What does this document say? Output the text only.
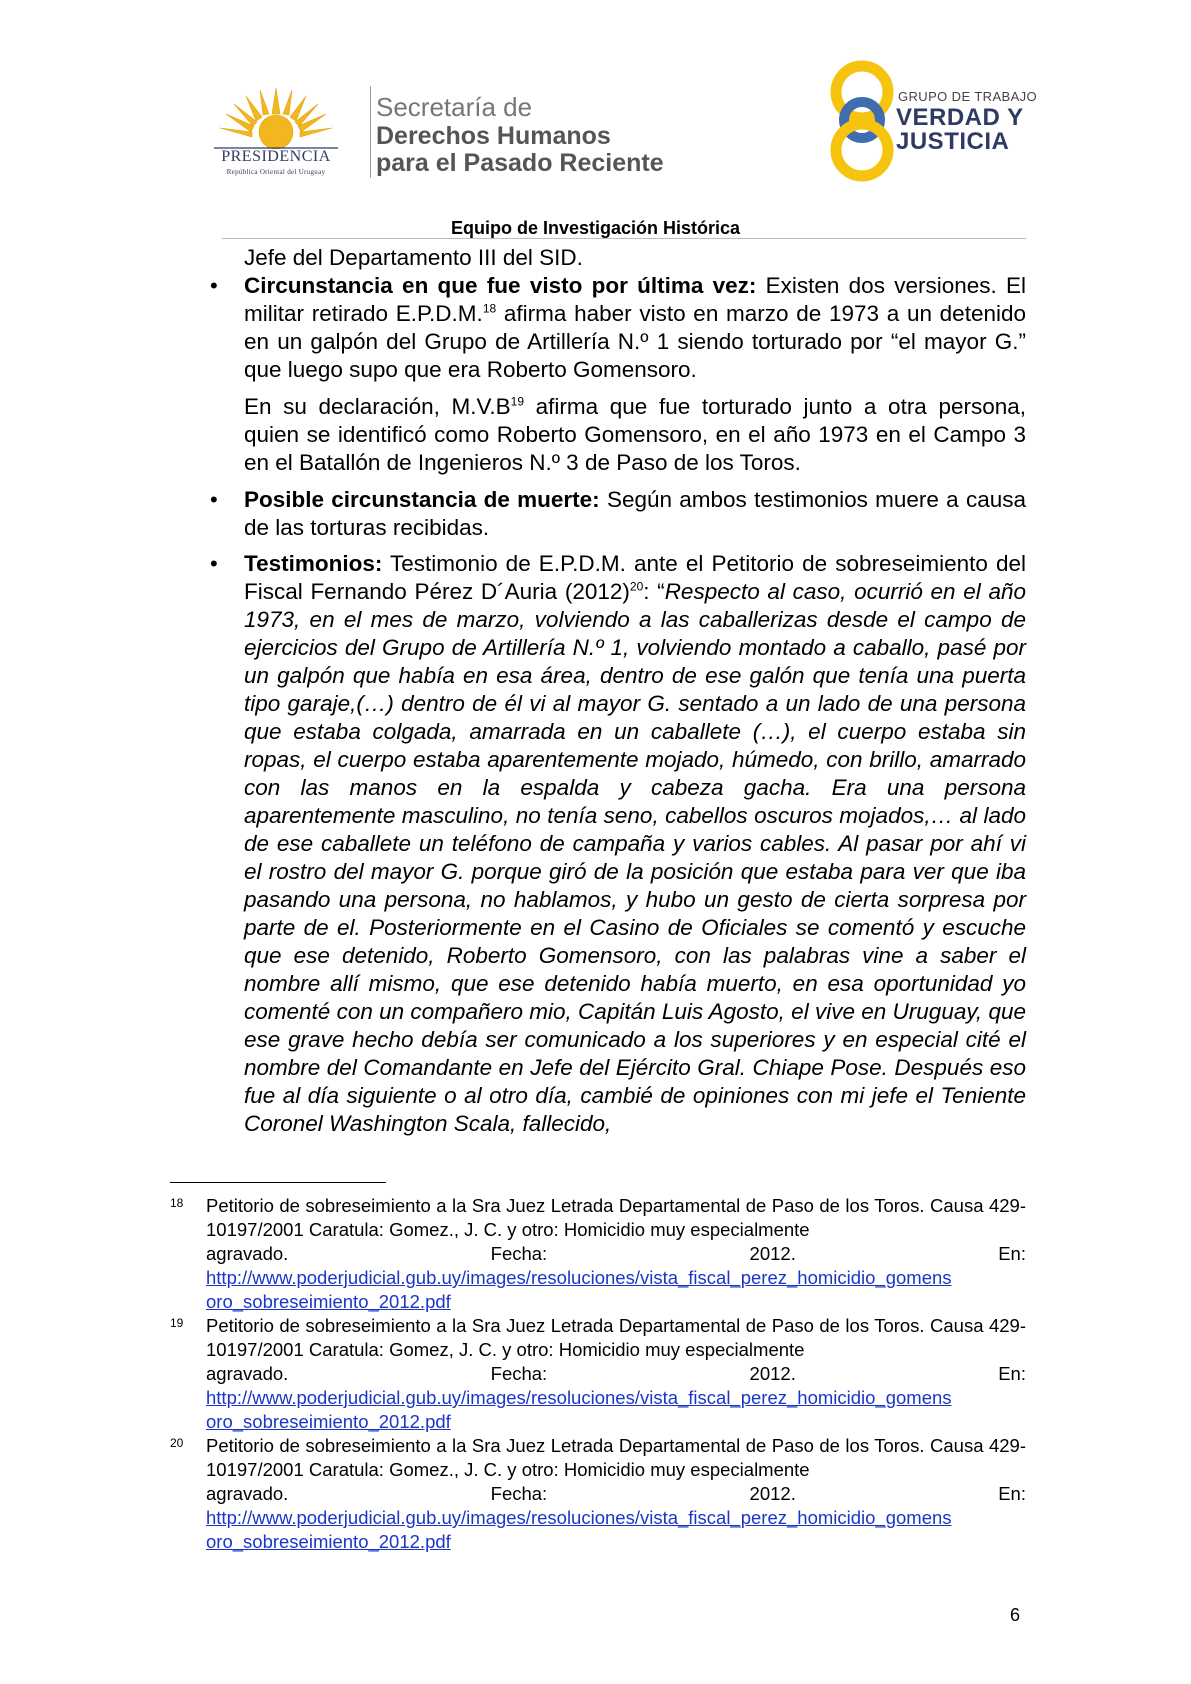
PRESIDENCIA
República Oriental del Uruguay
Secretaría de
Derechos Humanos
para el Pasado Reciente
GRUPO DE TRABAJO
VERDAD Y
JUSTICIA
Equipo de Investigación Histórica
Jefe del Departamento III del SID.
• Circunstancia en que fue visto por última vez: Existen dos versiones. El militar retirado E.P.D.M.$^{18}$ afirma haber visto en marzo de 1973 a un detenido en un galpón del Grupo de Artillería N.º 1 siendo torturado por “el mayor G.” que luego supo que era Roberto Gomensoro.
En su declaración, $M.V.B^{19}$ afirma que fue torturado junto a otra persona, quien se identificó como Roberto Gomensoro, en el año 1973 en el Campo 3 en el Batallón de Ingenieros N.º 3 de Paso de los Toros.
• Posible circunstancia de muerte: Según ambos testimonios muere a causa de las torturas recibidas.
• Testimonios: Testimonio de E.P.D.M. ante el Petitorio de sobreseimiento del Fiscal Fernando Pérez D´Auria $(2012)^{20}$: “Respecto al caso, ocurrió en el año 1973, en el mes de marzo, volviendo a las caballerizas desde el campo de ejercicios del Grupo de Artillería N.º 1, volviendo montado a caballo, pasé por un galpón que había en esa área, dentro de ese galón que tenía una puerta tipo garaje,(…) dentro de él vi al mayor G. sentado a un lado de una persona que estaba colgada, amarrada en un caballete (…), el cuerpo estaba sin ropas, el cuerpo estaba aparentemente mojado, húmedo, con brillo, amarrado con las manos en la espalda y cabeza gacha. Era una persona aparentemente masculino, no tenía seno, cabellos oscuros mojados,… al lado de ese caballete un teléfono de campaña y varios cables. Al pasar por ahí vi el rostro del mayor G. porque giró de la posición que estaba para ver que iba pasando una persona, no hablamos, y hubo un gesto de cierta sorpresa por parte de el. Posteriormente en el Casino de Oficiales se comentó y escuche que ese detenido, Roberto Gomensoro, con las palabras vine a saber el nombre allí mismo, que ese detenido había muerto, en esa oportunidad yo comenté con un compañero mio, Capitán Luis Agosto, el vive en Uruguay, que ese grave hecho debía ser comunicado a los superiores y en especial cité el nombre del Comandante en Jefe del Ejército Gral. Chiape Pose. Después eso fue al día siguiente o al otro día, cambié de opiniones con mi jefe el Teniente Coronel Washington Scala, fallecido,
18 Petitorio de sobreseimiento a la Sra Juez Letrada Departamental de Paso de los Toros. Causa 429-10197/2001 Caratula: Gomez., J. C. y otro: Homicidio muy especialmente
agravado.	Fecha:	2012.	En:
http://www.poderjudicial.gub.uy/images/resoluciones/vista_fiscal_perez_homicidio_gomens
oro_sobreseimiento_2012.pdf
19 Petitorio de sobreseimiento a la Sra Juez Letrada Departamental de Paso de los Toros. Causa 429-10197/2001 Caratula: Gomez, J. C. y otro: Homicidio muy especialmente
agravado.	Fecha:	2012.	En:
http://www.poderjudicial.gub.uy/images/resoluciones/vista_fiscal_perez_homicidio_gomens
oro_sobreseimiento_2012.pdf
20 Petitorio de sobreseimiento a la Sra Juez Letrada Departamental de Paso de los Toros. Causa 429-10197/2001 Caratula: Gomez., J. C. y otro: Homicidio muy especialmente
agravado.	Fecha:	2012.	En:
http://www.poderjudicial.gub.uy/images/resoluciones/vista_fiscal_perez_homicidio_gomens
oro_sobreseimiento_2012.pdf
6
